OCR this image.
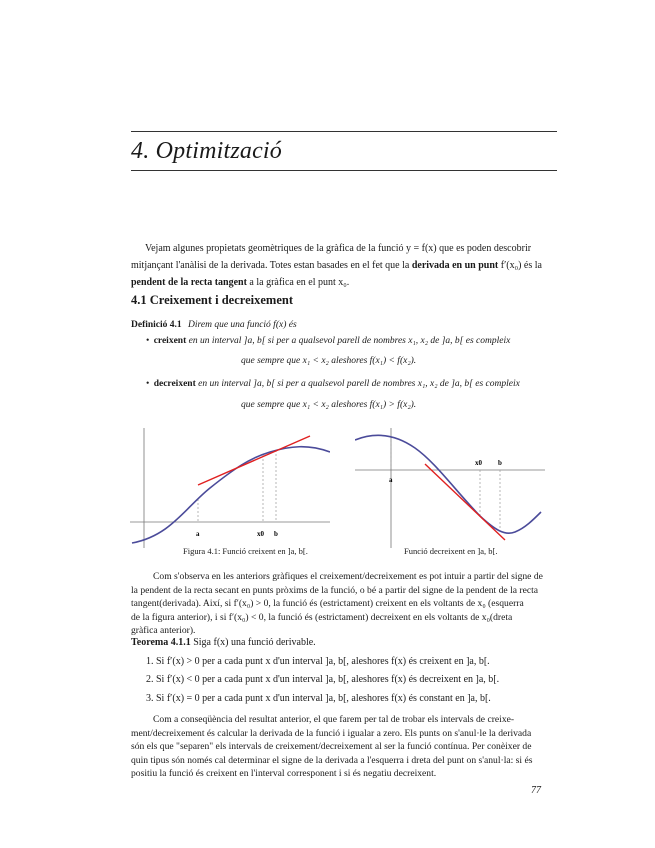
4. Optimització
Vejam algunes propietats geomètriques de la gràfica de la funció y = f(x) que es poden descobrir
mitjançant l'anàlisi de la derivada. Totes estan basades en el fet que la derivada en un punt f′(x₀) és la
pendent de la recta tangent a la gràfica en el punt x₀.
4.1 Creixement i decreixement
Definició 4.1 Direm que una funció f(x) és
• creixent en un interval ]a, b[ si per a qualsevol parell de nombres x₁, x₂ de ]a, b[ es compleix
que sempre que x₁ < x₂ aleshores f(x₁) < f(x₂).
• decreixent en un interval ]a, b[ si per a qualsevol parell de nombres x₁, x₂ de ]a, b[ es compleix
que sempre que x₁ < x₂ aleshores f(x₁) > f(x₂).
a	x0 b
Figura 4.1: Funció creixent en ]a, b[.
a
x0 b
Funció decreixent en ]a, b[.
Com s'observa en les anteriors gràfiques el creixement/decreixement es pot intuir a partir del signe de
la pendent de la recta secant en punts pròxims de la funció, o bé a partir del signe de la pendent de la recta
tangent(derivada). Així, si f′(x₀) > 0, la funció és (estrictament) creixent en els voltants de x₀ (esquerra
de la figura anterior), i si f′(x₀) < 0, la funció és (estrictament) decreixent en els voltants de x₀(dreta
gràfica anterior).
Teorema 4.1.1 Siga f(x) una funció derivable.
1. Si f′(x) > 0 per a cada punt x d'un interval ]a, b[, aleshores f(x) és creixent en ]a, b[.
2. Si f′(x) < 0 per a cada punt x d'un interval ]a, b[, aleshores f(x) és decreixent en ]a, b[.
3. Si f′(x) = 0 per a cada punt x d'un interval ]a, b[, aleshores f(x) és constant en ]a, b[.
Com a conseqüència del resultat anterior, el que farem per tal de trobar els intervals de creixe-
ment/decreixement és calcular la derivada de la funció i igualar a zero. Els punts on s'anul·le la derivada
són els que "separen" els intervals de creixement/decreixement al ser la funció contínua. Per conèixer de
quin tipus són només cal determinar el signe de la derivada a l'esquerra i dreta del punt on s'anul·la: si és
positiu la funció és creixent en l'interval corresponent i si és negatiu decreixent.
77
